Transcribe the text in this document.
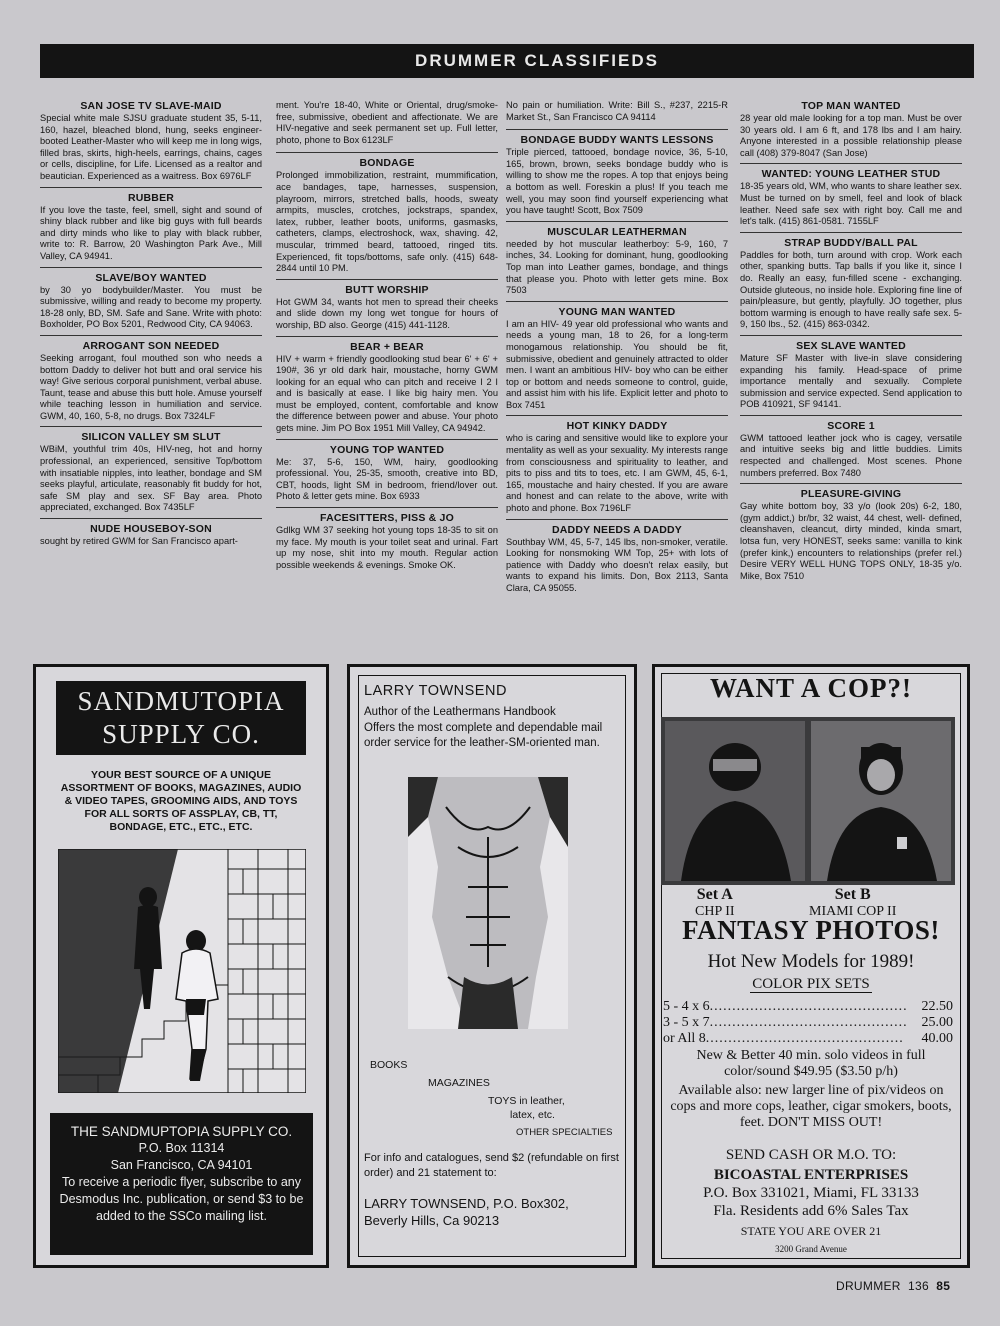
DRUMMER CLASSIFIEDS
SAN JOSE TV SLAVE-MAID
Special white male SJSU graduate student 35, 5-11, 160, hazel, bleached blond, hung, seeks engineer-booted Leather-Master who will keep me in long wigs, filled bras, skirts, high-heels, earrings, chains, cages or cells, discipline, for Life. Licensed as a realtor and beautician. Experienced as a waitress. Box 6976LF
RUBBER
If you love the taste, feel, smell, sight and sound of shiny black rubber and like big guys with full beards and dirty minds who like to play with black rubber, write to: R. Barrow, 20 Washington Park Ave., Mill Valley, CA 94941.
SLAVE/BOY WANTED
by 30 yo bodybuilder/Master. You must be submissive, willing and ready to become my property. 18-28 only, BD, SM. Safe and Sane. Write with photo: Boxholder, PO Box 5201, Redwood City, CA 94063.
ARROGANT SON NEEDED
Seeking arrogant, foul mouthed son who needs a bottom Daddy to deliver hot butt and oral service his way! Give serious corporal punishment, verbal abuse. Taunt, tease and abuse this butt hole. Amuse yourself while teaching lesson in humiliation and service. GWM, 40, 160, 5-8, no drugs. Box 7324LF
SILICON VALLEY SM SLUT
WBiM, youthful trim 40s, HIV-neg, hot and horny professional, an experienced, sensitive Top/bottom with insatiable nipples, into leather, bondage and SM seeks playful, articulate, reasonably fit buddy for hot, safe SM play and sex. SF Bay area. Photo appreciated, exchanged. Box 7435LF
NUDE HOUSEBOY-SON
sought by retired GWM for San Francisco apart-
ment. You're 18-40, White or Oriental, drug/smoke-free, submissive, obedient and affectionate. We are HIV-negative and seek permanent set up. Full letter, photo, phone to Box 6123LF
BONDAGE
Prolonged immobilization, restraint, mummification, ace bandages, tape, harnesses, suspension, playroom, mirrors, stretched balls, hoods, sweaty armpits, muscles, crotches, jockstraps, spandex, latex, rubber, leather boots, uniforms, gasmasks, catheters, clamps, electroshock, wax, shaving. 42, muscular, trimmed beard, tattooed, ringed tits. Experienced, fit tops/bottoms, safe only. (415) 648-2844 until 10 PM.
BUTT WORSHIP
Hot GWM 34, wants hot men to spread their cheeks and slide down my long wet tongue for hours of worship, BD also. George (415) 441-1128.
BEAR + BEAR
HIV + warm + friendly goodlooking stud bear 6' + 6' + 190#, 36 yr old dark hair, moustache, horny GWM looking for an equal who can pitch and receive I 2 I and is basically at ease. I like big hairy men. You must be employed, content, comfortable and know the difference between power and abuse. Your photo gets mine. Jim PO Box 1951 Mill Valley, CA 94942.
YOUNG TOP WANTED
Me: 37, 5-6, 150, WM, hairy, goodlooking professional. You, 25-35, smooth, creative into BD, CBT, hoods, light SM in bedroom, friend/lover out. Photo & letter gets mine. Box 6933
FACESITTERS, PISS & JO
Gdlkg WM 37 seeking hot young tops 18-35 to sit on my face. My mouth is your toilet seat and urinal. Fart up my nose, shit into my mouth. Regular action possible weekends & evenings. Smoke OK.
No pain or humiliation. Write: Bill S., #237, 2215-R Market St., San Francisco CA 94114
BONDAGE BUDDY WANTS LESSONS
Triple pierced, tattooed, bondage novice, 36, 5-10, 165, brown, brown, seeks bondage buddy who is willing to show me the ropes. A top that enjoys being a bottom as well. Foreskin a plus! If you teach me well, you may soon find yourself experiencing what you have taught! Scott, Box 7509
MUSCULAR LEATHERMAN
needed by hot muscular leatherboy: 5-9, 160, 7 inches, 34. Looking for dominant, hung, goodlooking Top man into Leather games, bondage, and things that please you. Photo with letter gets mine. Box 7503
YOUNG MAN WANTED
I am an HIV- 49 year old professional who wants and needs a young man, 18 to 26, for a long-term monogamous relationship. You should be fit, submissive, obedient and genuinely attracted to older men. I want an ambitious HIV- boy who can be either top or bottom and needs someone to control, guide, and assist him with his life. Explicit letter and photo to Box 7451
HOT KINKY DADDY
who is caring and sensitive would like to explore your mentality as well as your sexuality. My interests range from consciousness and spirituality to leather, and pits to piss and tits to toes, etc. I am GWM, 45, 6-1, 165, moustache and hairy chested. If you are aware and honest and can relate to the above, write with photo and phone. Box 7196LF
DADDY NEEDS A DADDY
Southbay WM, 45, 5-7, 145 lbs, non-smoker, veratile. Looking for nonsmoking WM Top, 25+ with lots of patience with Daddy who doesn't relax easily, but wants to expand his limits. Don, Box 2113, Santa Clara, CA 95055.
TOP MAN WANTED
28 year old male looking for a top man. Must be over 30 years old. I am 6 ft, and 178 lbs and I am hairy. Anyone interested in a possible relationship please call (408) 379-8047 (San Jose)
WANTED: YOUNG LEATHER STUD
18-35 years old, WM, who wants to share leather sex. Must be turned on by smell, feel and look of black leather. Need safe sex with right boy. Call me and let's talk. (415) 861-0581. 7155LF
STRAP BUDDY/BALL PAL
Paddles for both, turn around with crop. Work each other, spanking butts. Tap balls if you like it, since I do. Really an easy, fun-filled scene - exchanging. Outside gluteous, no inside hole. Exploring fine line of pain/pleasure, but gently, playfully. JO together, plus bottom warming is enough to have really safe sex. 5-9, 150 lbs., 52. (415) 863-0342.
SEX SLAVE WANTED
Mature SF Master with live-in slave considering expanding his family. Head-space of prime importance mentally and sexually. Complete submission and service expected. Send application to POB 410921, SF 94141.
SCORE 1
GWM tattooed leather jock who is cagey, versatile and intuitive seeks big and little buddies. Limits respected and challenged. Most scenes. Phone numbers preferred. Box 7480
PLEASURE-GIVING
Gay white bottom boy, 33 y/o (look 20s) 6-2, 180, (gym addict,) br/br, 32 waist, 44 chest, well- defined, cleanshaven, cleancut, dirty minded, kinda smart, lotsa fun, very HONEST, seeks same: vanilla to kink (prefer kink,) encounters to relationships (prefer rel.) Desire VERY WELL HUNG TOPS ONLY, 18-35 y/o. Mike, Box 7510
SANDMUTOPIA
SUPPLY CO.
YOUR BEST SOURCE OF A UNIQUE ASSORTMENT OF BOOKS, MAGAZINES, AUDIO & VIDEO TAPES, GROOMING AIDS, AND TOYS FOR ALL SORTS OF ASSPLAY, CB, TT, BONDAGE, ETC., ETC., ETC.
THE SANDMUPTOPIA SUPPLY CO.
P.O. Box 11314
San Francisco, CA 94101
To receive a periodic flyer, subscribe to any Desmodus Inc. publication, or send $3 to be added to the SSCo mailing list.
LARRY TOWNSEND
Author of the Leathermans Handbook
Offers the most complete and dependable mail order service for the leather-SM-oriented man.
BOOKS
MAGAZINES
TOYS in leather,
latex, etc.
OTHER SPECIALTIES
For info and catalogues, send $2 (refundable on first order) and 21 statement to:
LARRY TOWNSEND, P.O. Box302,
Beverly Hills, Ca 90213
WANT A COP?!
Set A
CHP II
Set B
MIAMI COP II
FANTASY PHOTOS!
Hot New Models for 1989!
COLOR PIX SETS
5 - 4 x 6 ............................................ 22.50
3 - 5 x 7 ............................................ 25.00
or All 8 ............................................	40.00
New & Better 40 min. solo videos in full color/sound $49.95 ($3.50 p/h)
Available also: new larger line of pix/videos on cops and more cops, leather, cigar smokers, boots, feet. DON'T MISS OUT!
SEND CASH OR M.O. TO:
BICOASTAL ENTERPRISES
P.O. Box 331021, Miami, FL 33133
Fla. Residents add 6% Sales Tax
STATE YOU ARE OVER 21
3200 Grand Avenue
DRUMMER 136 85
